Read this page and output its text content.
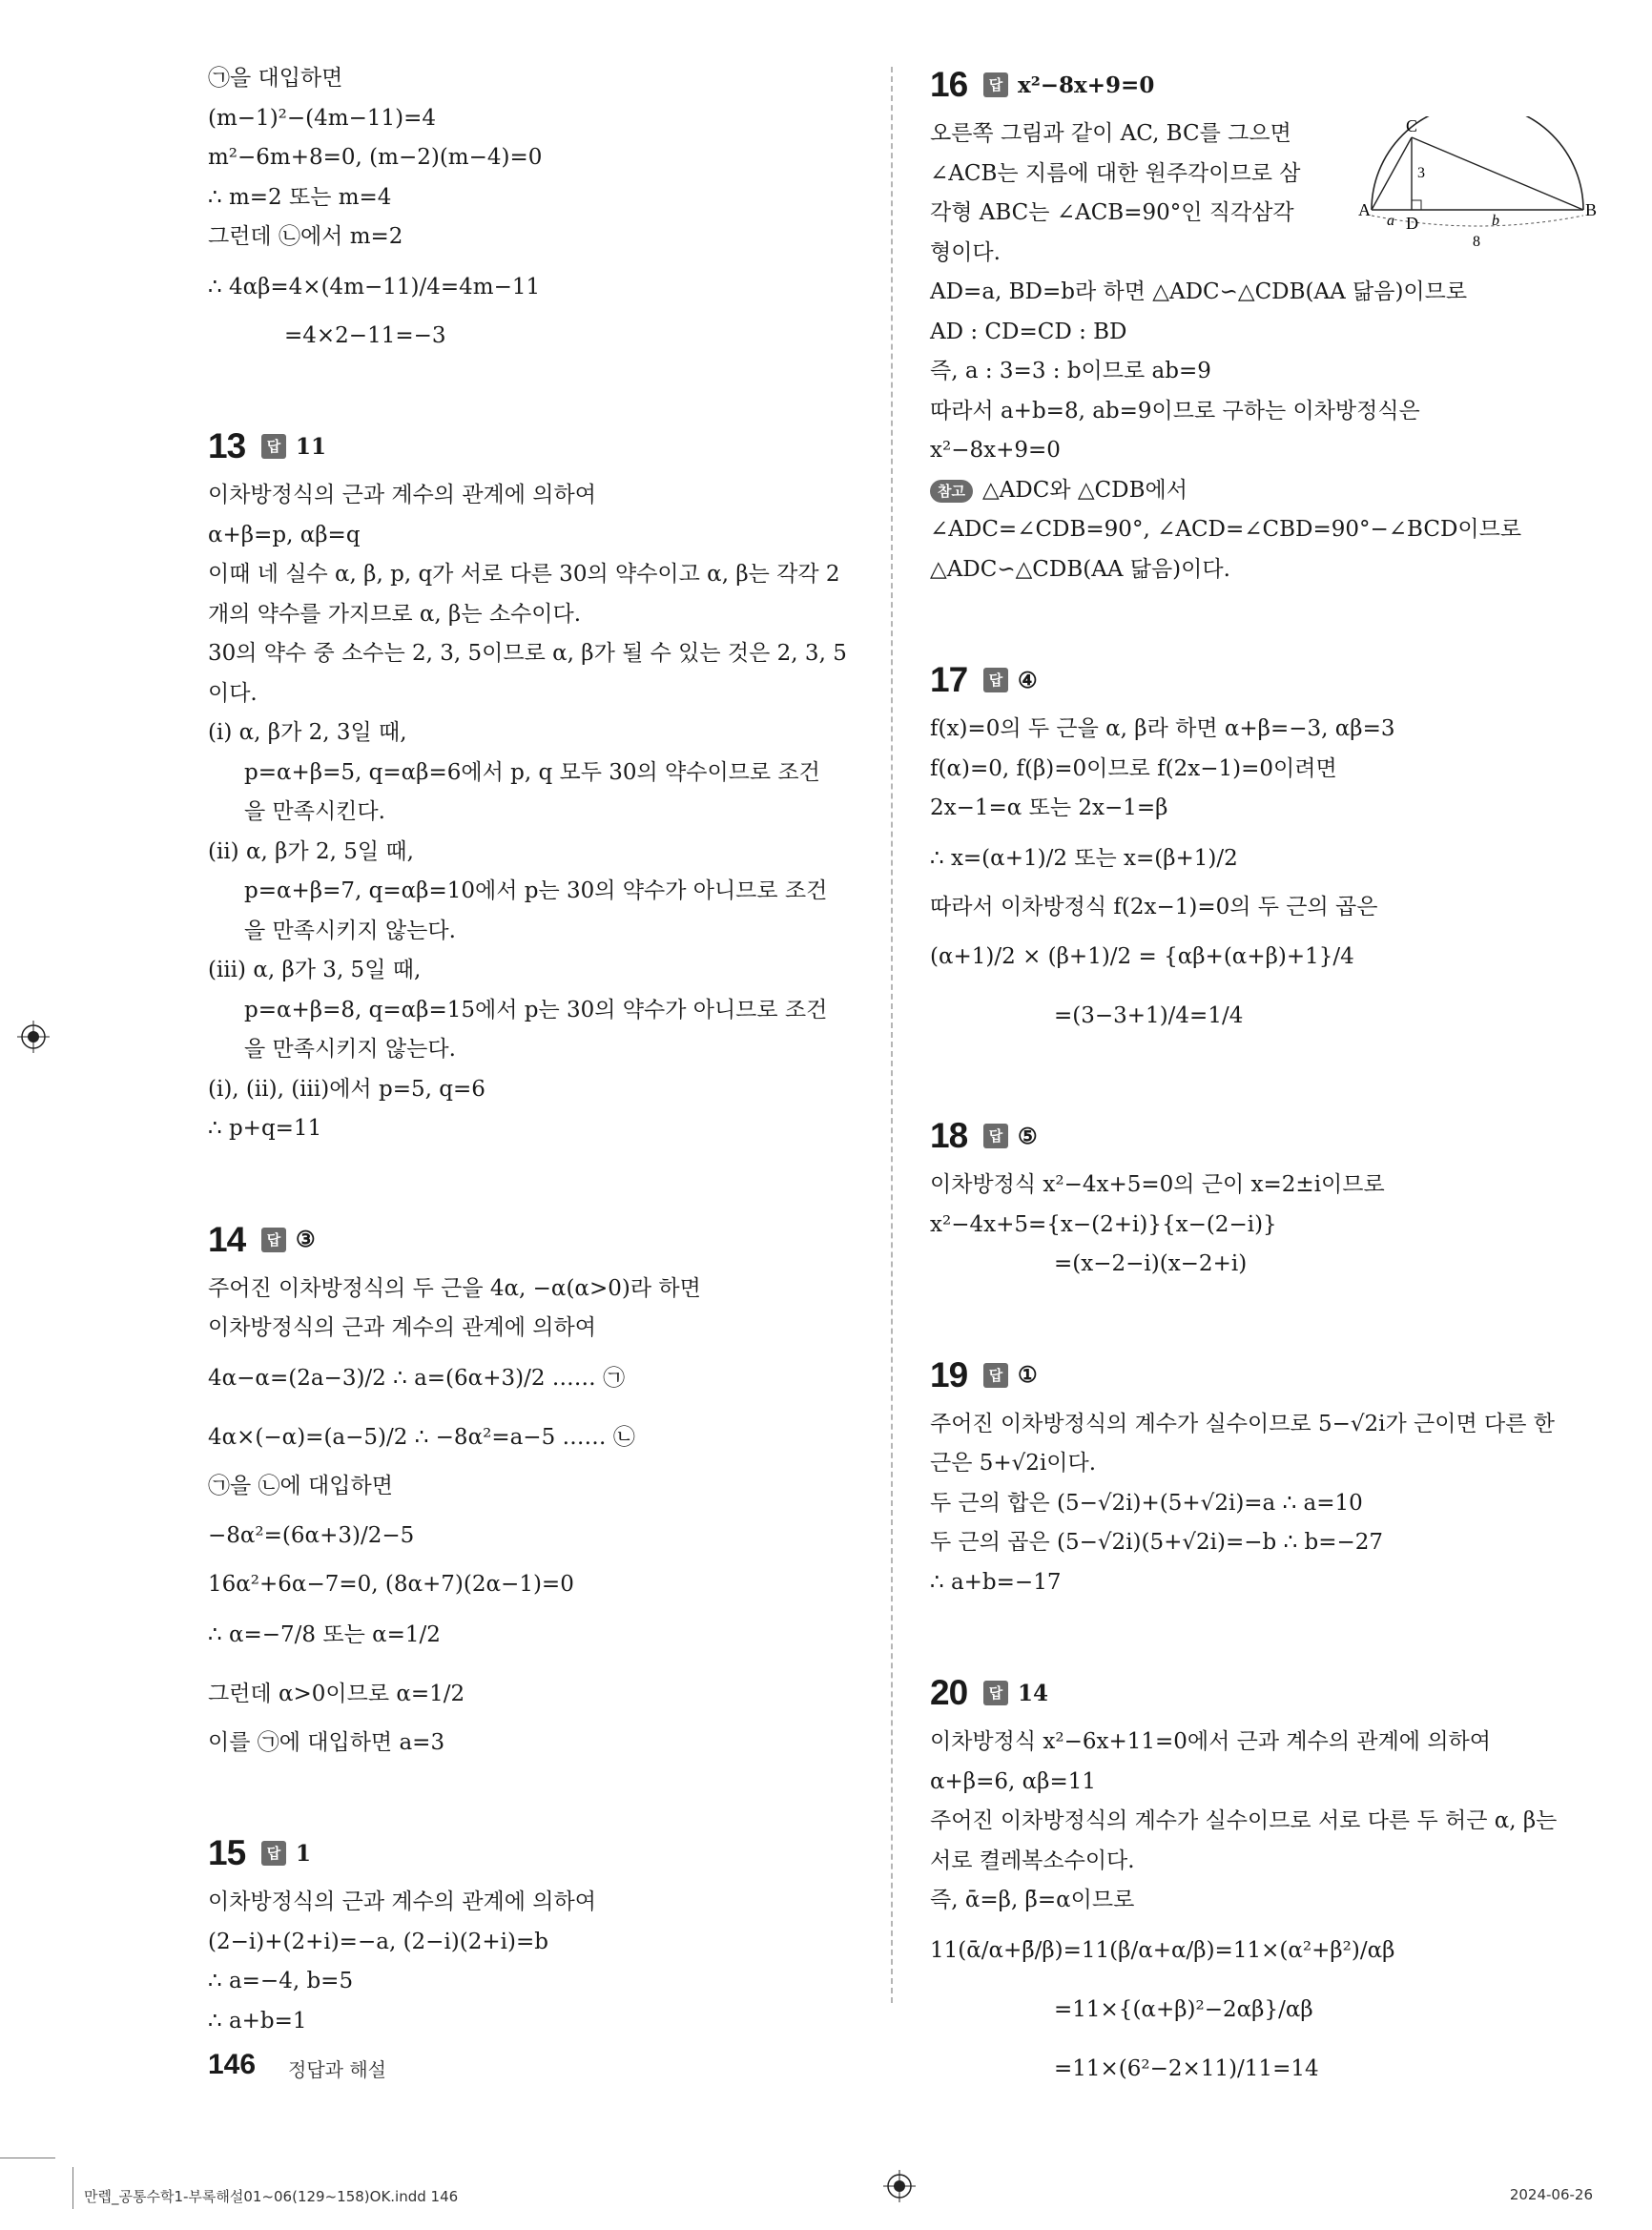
㉠을 대입하면
(m−1)²−(4m−11)=4
m²−6m+8=0, (m−2)(m−4)=0
∴ m=2 또는 m=4
그런데 ㉡에서 m=2
∴ 4αβ=4×(4m−11)/4=4m−11
=4×2−11=−3
13	답 11
이차방정식의 근과 계수의 관계에 의하여
α+β=p, αβ=q
이때 네 실수 α, β, p, q가 서로 다른 30의 약수이고 α, β는 각각 2
개의 약수를 가지므로 α, β는 소수이다.
30의 약수 중 소수는 2, 3, 5이므로 α, β가 될 수 있는 것은 2, 3, 5
이다.
(ⅰ) α, β가 2, 3일 때,
p=α+β=5, q=αβ=6에서 p, q 모두 30의 약수이므로 조건
을 만족시킨다.
(ⅱ) α, β가 2, 5일 때,
p=α+β=7, q=αβ=10에서 p는 30의 약수가 아니므로 조건
을 만족시키지 않는다.
(ⅲ) α, β가 3, 5일 때,
p=α+β=8, q=αβ=15에서 p는 30의 약수가 아니므로 조건
을 만족시키지 않는다.
(ⅰ), (ⅱ), (ⅲ)에서 p=5, q=6
∴ p+q=11
14	답 ③
주어진 이차방정식의 두 근을 4α, −α(α>0)라 하면
이차방정식의 근과 계수의 관계에 의하여
4α−α=(2a−3)/2 ∴ a=(6α+3)/2 …… ㉠
4α×(−α)=(a−5)/2 ∴ −8α²=a−5 …… ㉡
㉠을 ㉡에 대입하면
−8α²=(6α+3)/2−5
16α²+6α−7=0, (8α+7)(2α−1)=0
∴ α=−7/8 또는 α=1/2
그런데 α>0이므로 α=1/2
이를 ㉠에 대입하면 a=3
15	답 1
이차방정식의 근과 계수의 관계에 의하여
(2−i)+(2+i)=−a, (2−i)(2+i)=b
∴ a=−4, b=5
∴ a+b=1
16	답 x²−8x+9=0
오른쪽 그림과 같이 AC, BC를 그으면
∠ACB는 지름에 대한 원주각이므로 삼
각형 ABC는 ∠ACB=90°인 직각삼각
형이다.
AD=a, BD=b라 하면 △ADC∽△CDB(AA 닮음)이므로
AD : CD=CD : BD
즉, a : 3=3 : b이므로 ab=9
따라서 a+b=8, ab=9이므로 구하는 이차방정식은
x²−8x+9=0
참고 △ADC와 △CDB에서
∠ADC=∠CDB=90°, ∠ACD=∠CBD=90°−∠BCD이므로
△ADC∽△CDB(AA 닮음)이다.
17	답 ④
f(x)=0의 두 근을 α, β라 하면 α+β=−3, αβ=3
f(α)=0, f(β)=0이므로 f(2x−1)=0이려면
2x−1=α 또는 2x−1=β
∴ x=(α+1)/2 또는 x=(β+1)/2
따라서 이차방정식 f(2x−1)=0의 두 근의 곱은
(α+1)/2 × (β+1)/2 = {αβ+(α+β)+1}/4
=(3−3+1)/4=1/4
18	답 ⑤
이차방정식 x²−4x+5=0의 근이 x=2±i이므로
x²−4x+5={x−(2+i)}{x−(2−i)}
=(x−2−i)(x−2+i)
19	답 ①
주어진 이차방정식의 계수가 실수이므로 5−√2i가 근이면 다른 한
근은 5+√2i이다.
두 근의 합은 (5−√2i)+(5+√2i)=a ∴ a=10
두 근의 곱은 (5−√2i)(5+√2i)=−b ∴ b=−27
∴ a+b=−17
20	답 14
이차방정식 x²−6x+11=0에서 근과 계수의 관계에 의하여
α+β=6, αβ=11
주어진 이차방정식의 계수가 실수이므로 서로 다른 두 허근 α, β는
서로 켤레복소수이다.
즉, ᾱ=β, β̄=α이므로
11(ᾱ/α+β̄/β)=11(β/α+α/β)=11×(α²+β²)/αβ
=11×{(α+β)²−2αβ}/αβ
=11×(6²−2×11)/11=14
C
A
D
B
3
a	b
8
146 정답과 해설
만렙_공통수학1-부록해설01~06(129~158)OK.indd 146	2024-06-26
